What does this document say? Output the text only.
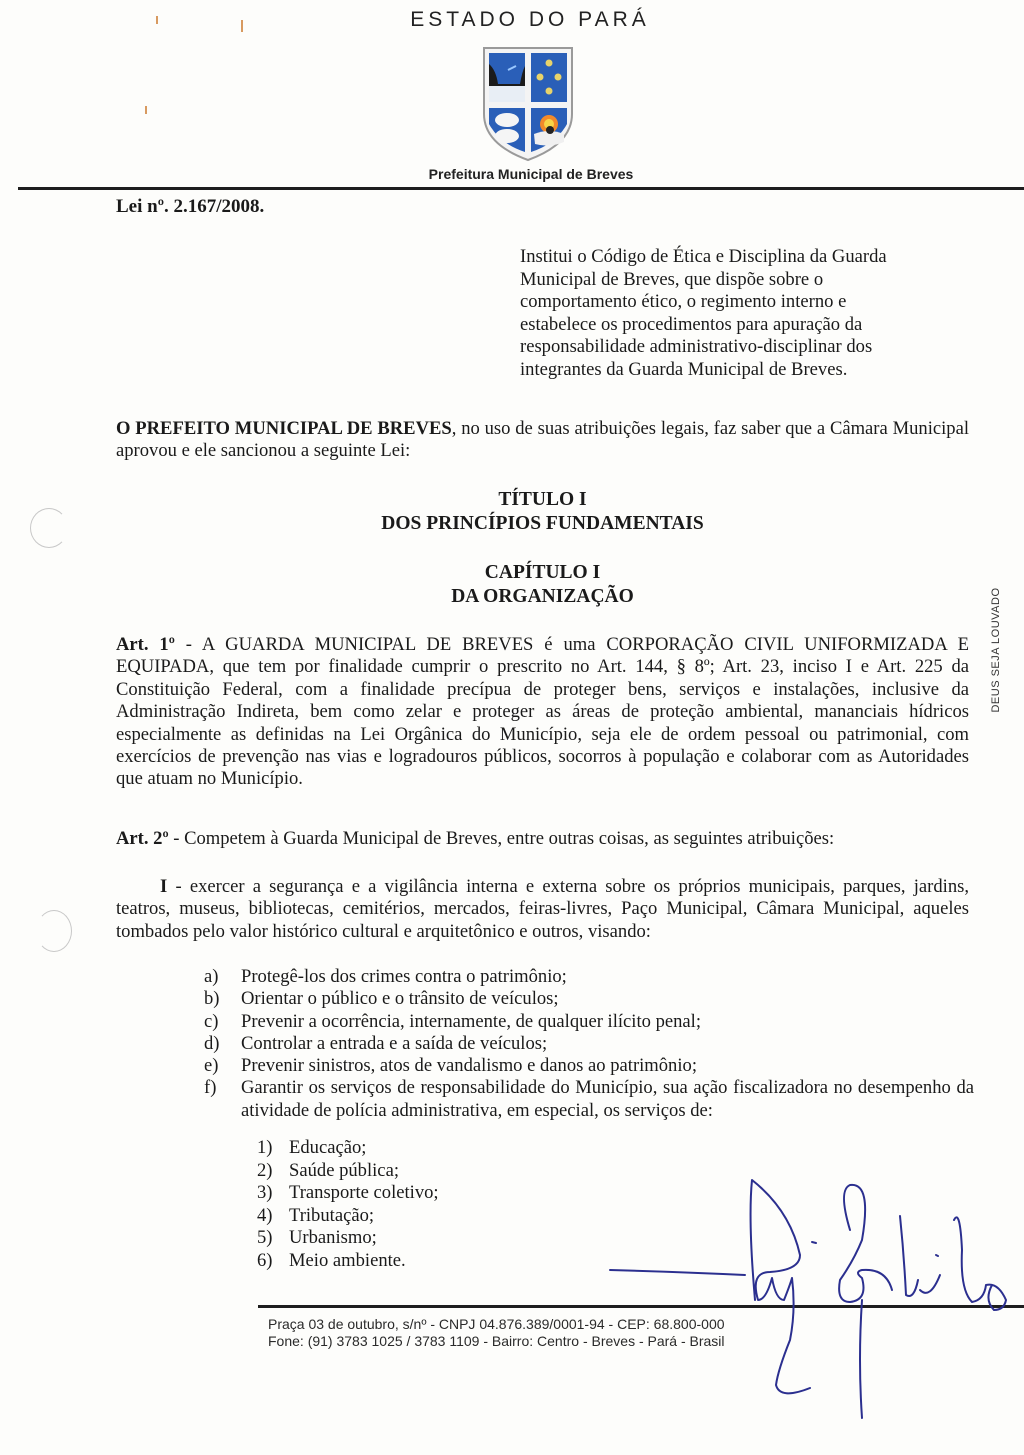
ESTADO DO PARÁ
Prefeitura Municipal de Breves
Lei nº. 2.167/2008.
Institui o Código de Ética e Disciplina da Guarda
Municipal de Breves, que dispõe sobre o
comportamento ético, o regimento interno e
estabelece os procedimentos para apuração da
responsabilidade administrativo-disciplinar dos
integrantes da Guarda Municipal de Breves.
O PREFEITO MUNICIPAL DE BREVES, no uso de suas atribuições legais, faz saber que a Câmara Municipal aprovou e ele sancionou a seguinte Lei:
TÍTULO I
DOS PRINCÍPIOS FUNDAMENTAIS
CAPÍTULO I
DA ORGANIZAÇÃO
Art. 1º - A GUARDA MUNICIPAL DE BREVES é uma CORPORAÇÃO CIVIL UNIFORMIZADA E EQUIPADA, que tem por finalidade cumprir o prescrito no Art. 144, § 8º; Art. 23, inciso I e Art. 225 da Constituição Federal, com a finalidade precípua de proteger bens, serviços e instalações, inclusive da Administração Indireta, bem como zelar e proteger as áreas de proteção ambiental, mananciais hídricos especialmente as definidas na Lei Orgânica do Município, seja ele de ordem pessoal ou patrimonial, com exercícios de prevenção nas vias e logradouros públicos, socorros à população e colaborar com as Autoridades que atuam no Município.
Art. 2º - Competem à Guarda Municipal de Breves, entre outras coisas, as seguintes atribuições:
I - exercer a segurança e a vigilância interna e externa sobre os próprios municipais, parques, jardins, teatros, museus, bibliotecas, cemitérios, mercados, feiras-livres, Paço Municipal, Câmara Municipal, aqueles tombados pelo valor histórico cultural e arquitetônico e outros, visando:
a)	Protegê-los dos crimes contra o patrimônio;
b)	Orientar o público e o trânsito de veículos;
c)	Prevenir a ocorrência, internamente, de qualquer ilícito penal;
d)	Controlar a entrada e a saída de veículos;
e)	Prevenir sinistros, atos de vandalismo e danos ao patrimônio;
f)	Garantir os serviços de responsabilidade do Município, sua ação fiscalizadora no desempenho da atividade de polícia administrativa, em especial, os serviços de:
1) Educação;
2) Saúde pública;
3) Transporte coletivo;
4) Tributação;
5) Urbanismo;
6) Meio ambiente.
Praça 03 de outubro, s/nº - CNPJ 04.876.389/0001-94 - CEP: 68.800-000
Fone: (91) 3783 1025 / 3783 1109 - Bairro: Centro - Breves - Pará - Brasil
DEUS SEJA LOUVADO
